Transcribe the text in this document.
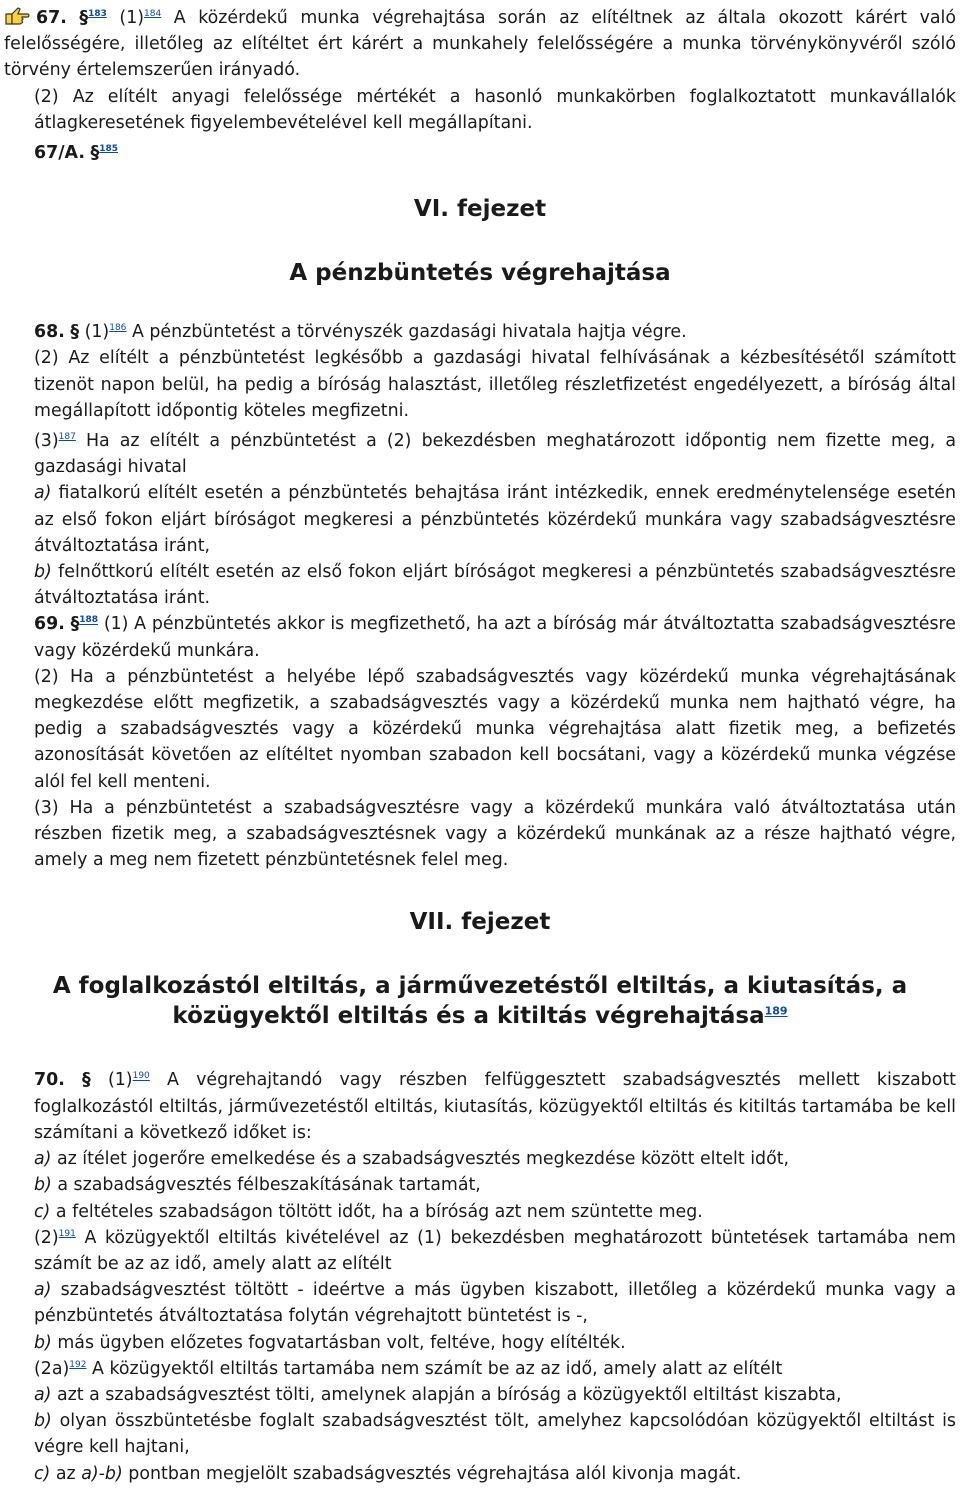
67. §$^{183}$ (1)$^{184}$ A közérdekű munka végrehajtása során az elítéltnek az általa okozott kárért való felelősségére, illetőleg az elítéltet ért kárért a munkahely felelősségére a munka törvénykönyvéről szóló törvény értelemszerűen irányadó.

(2) Az elítélt anyagi felelőssége mértékét a hasonló munkakörben foglalkoztatott munkavállalók átlagkeresetének figyelembevételével kell megállapítani.

67/A. §$^{185}$

VI. fejezet
A pénzbüntetés végrehajtása

68. § (1)$^{186}$ A pénzbüntetést a törvényszék gazdasági hivatala hajtja végre.

(2) Az elítélt a pénzbüntetést legkésőbb a gazdasági hivatal felhívásának a kézbesítésétől számított tizenöt napon belül, ha pedig a bíróság halasztást, illetőleg részletfizetést engedélyezett, a bíróság által megállapított időpontig köteles megfizetni.

(3)$^{187}$ Ha az elítélt a pénzbüntetést a (2) bekezdésben meghatározott időpontig nem fizette meg, a gazdasági hivatal

a) fiatalkorú elítélt esetén a pénzbüntetés behajtása iránt intézkedik, ennek eredménytelensége esetén az első fokon eljárt bíróságot megkeresi a pénzbüntetés közérdekű munkára vagy szabadságvesztésre átváltoztatása iránt,

b) felnőttkorú elítélt esetén az első fokon eljárt bíróságot megkeresi a pénzbüntetés szabadságvesztésre átváltoztatása iránt.

69. §$^{188}$ (1) A pénzbüntetés akkor is megfizethető, ha azt a bíróság már átváltoztatta szabadságvesztésre vagy közérdekű munkára.

(2) Ha a pénzbüntetést a helyébe lépő szabadságvesztés vagy közérdekű munka végrehajtásának megkezdése előtt megfizetik, a szabadságvesztés vagy a közérdekű munka nem hajtható végre, ha pedig a szabadságvesztés vagy a közérdekű munka végrehajtása alatt fizetik meg, a befizetés azonosítását követően az elítéltet nyomban szabadon kell bocsátani, vagy a közérdekű munka végzése alól fel kell menteni.

(3) Ha a pénzbüntetést a szabadságvesztésre vagy a közérdekű munkára való átváltoztatása után részben fizetik meg, a szabadságvesztésnek vagy a közérdekű munkának az a része hajtható végre, amely a meg nem fizetett pénzbüntetésnek felel meg.

VII. fejezet
A foglalkozástól eltiltás, a járművezetéstől eltiltás, a kiutasítás, a
közügyektől eltiltás és a kitiltás végrehajtása$^{189}$

70. § (1)$^{190}$ A végrehajtandó vagy részben felfüggesztett szabadságvesztés mellett kiszabott foglalkozástól eltiltás, járművezetéstől eltiltás, kiutasítás, közügyektől eltiltás és kitiltás tartamába be kell számítani a következő időket is:

a) az ítélet jogerőre emelkedése és a szabadságvesztés megkezdése között eltelt időt,

b) a szabadságvesztés félbeszakításának tartamát,

c) a feltételes szabadságon töltött időt, ha a bíróság azt nem szüntette meg.

(2)$^{191}$ A közügyektől eltiltás kivételével az (1) bekezdésben meghatározott büntetések tartamába nem számít be az az idő, amely alatt az elítélt

a) szabadságvesztést töltött - ideértve a más ügyben kiszabott, illetőleg a közérdekű munka vagy a pénzbüntetés átváltoztatása folytán végrehajtott büntetést is -,

b) más ügyben előzetes fogvatartásban volt, feltéve, hogy elítélték.

(2a)$^{192}$ A közügyektől eltiltás tartamába nem számít be az az idő, amely alatt az elítélt

a) azt a szabadságvesztést tölti, amelynek alapján a bíróság a közügyektől eltiltást kiszabta,

b) olyan összbüntetésbe foglalt szabadságvesztést tölt, amelyhez kapcsolódóan közügyektől eltiltást is végre kell hajtani,

c) az a)-b) pontban megjelölt szabadságvesztés végrehajtása alól kivonja magát.
